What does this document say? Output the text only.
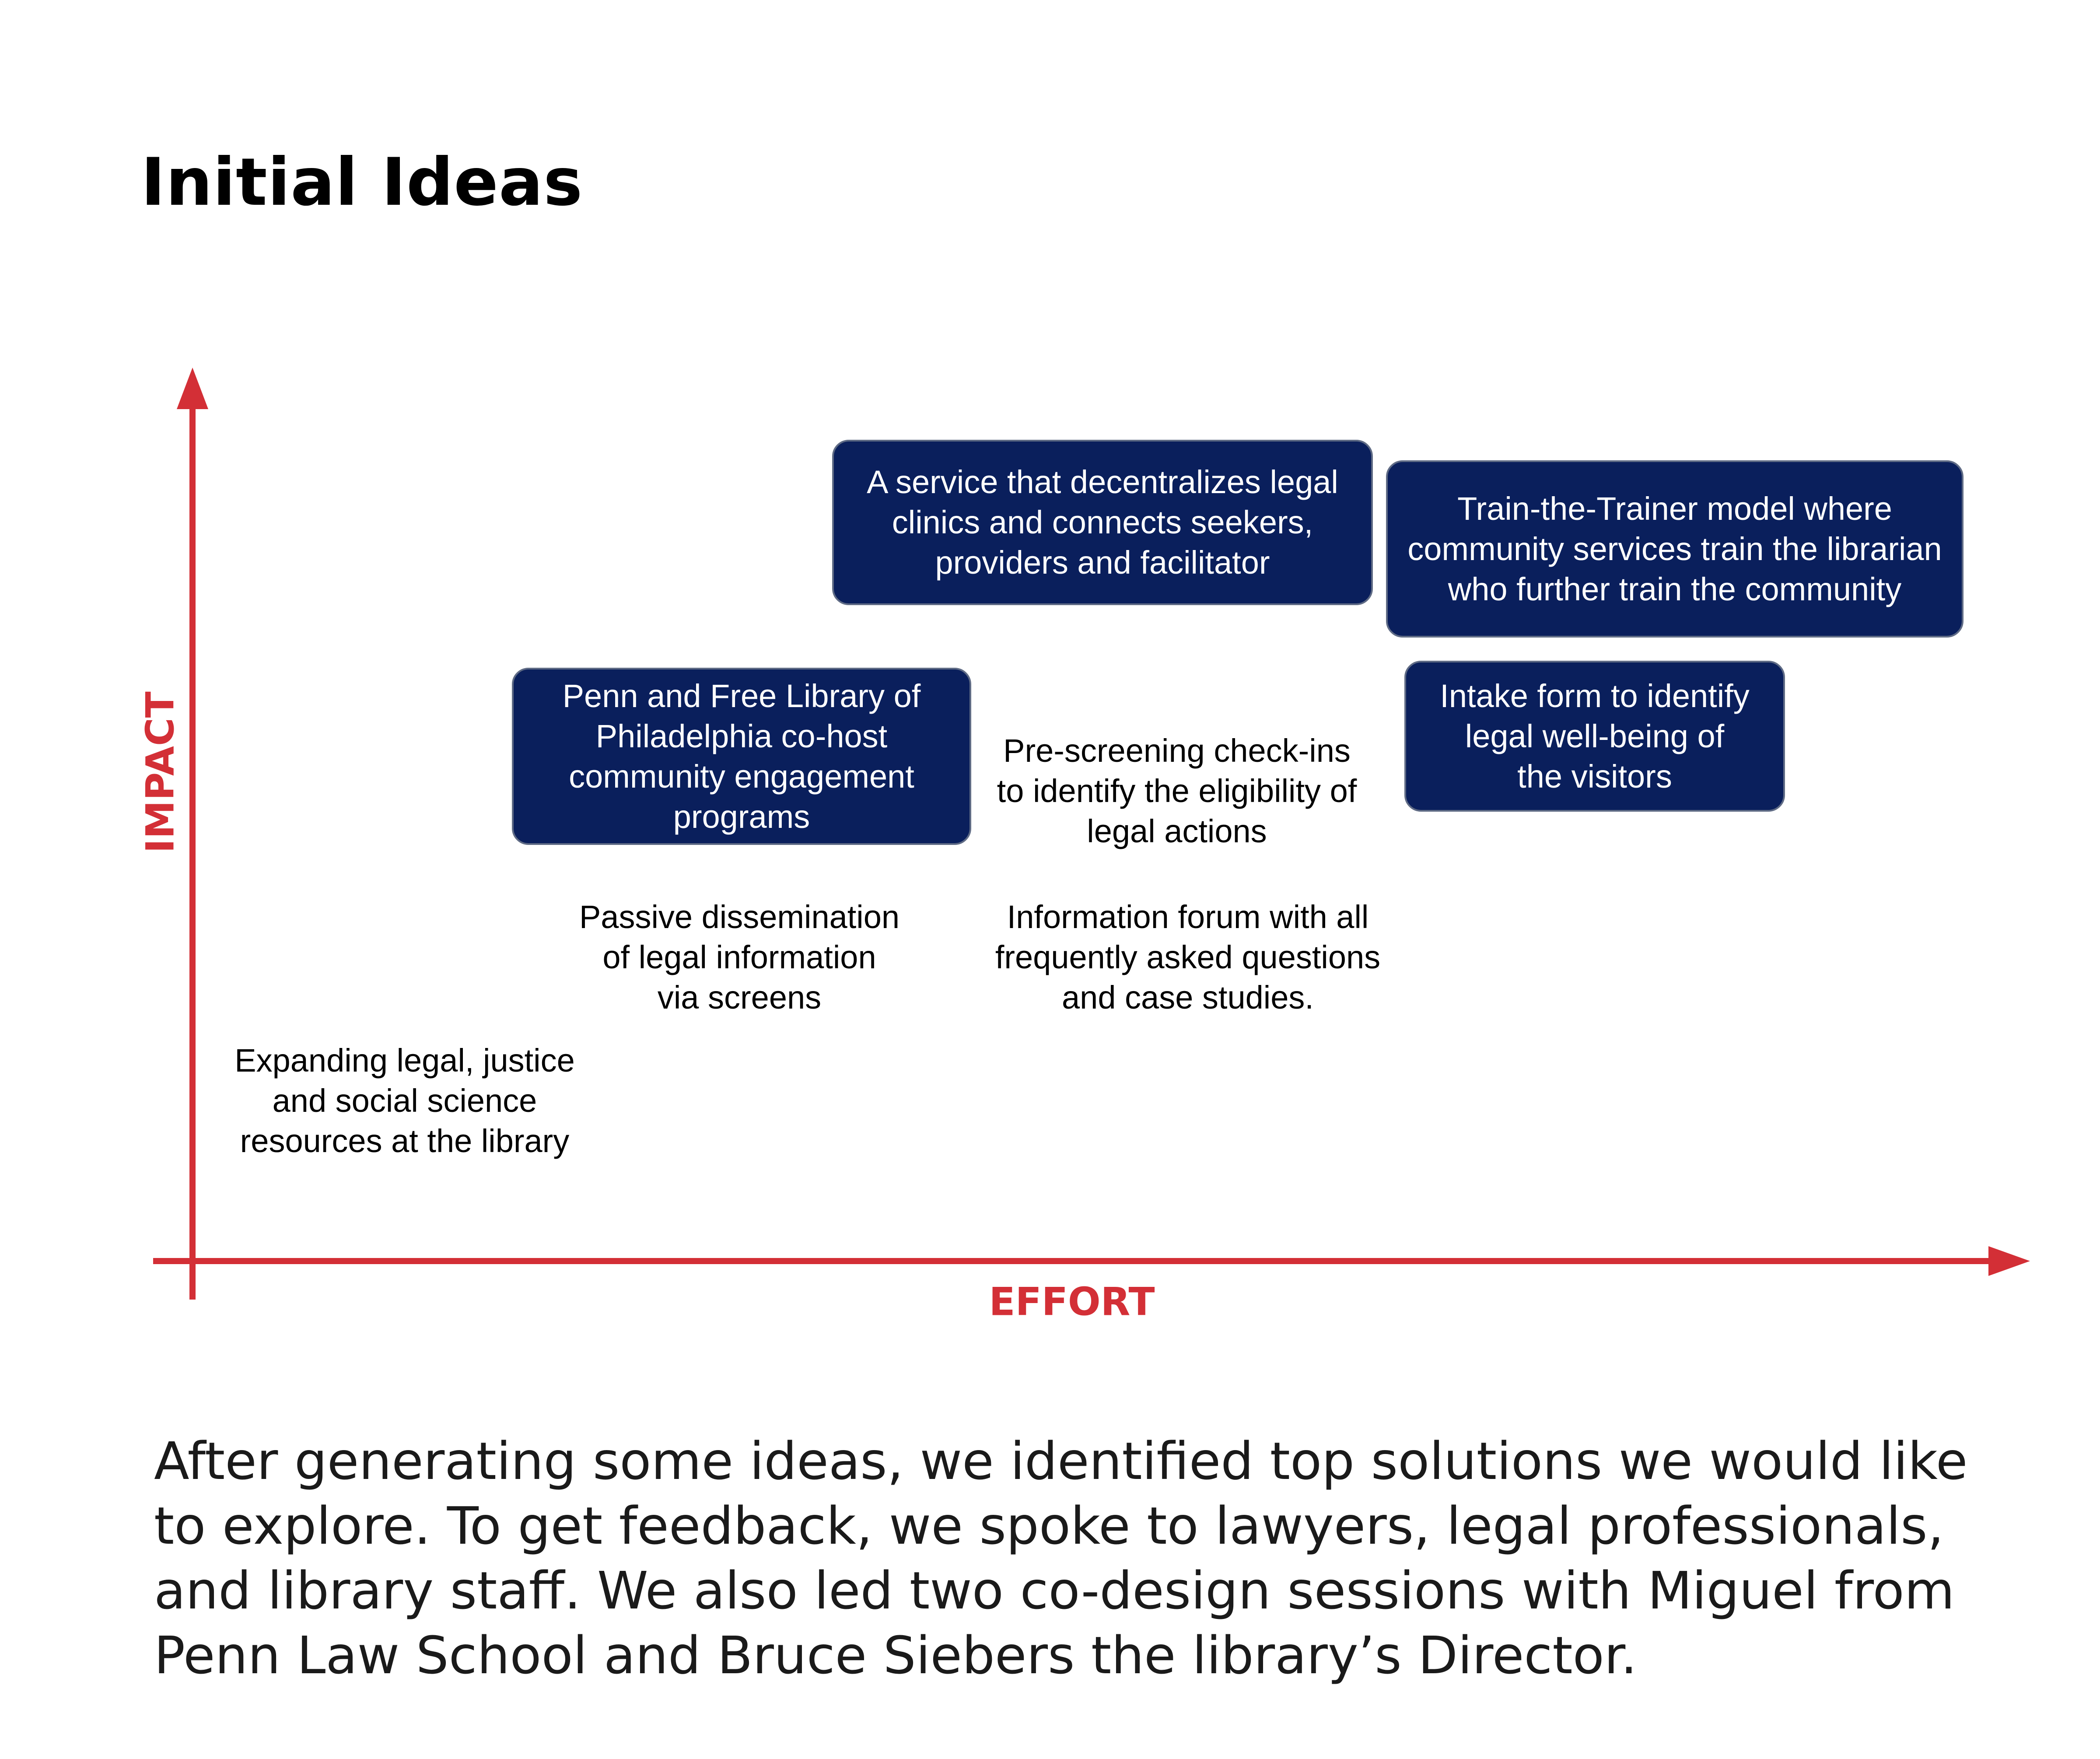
Initial Ideas
IMPACT
EFFORT
A service that decentralizes legal
clinics and connects seekers,
providers and facilitator
Train-the-Trainer model where
community services train the librarian
who further train the community
Penn and Free Library of
Philadelphia co-host
community engagement
programs
Intake form to identify
legal well-being of
the visitors
Pre-screening check-ins
to identify the eligibility of
legal actions
Passive dissemination
of legal information
via screens
Information forum with all
frequently asked questions
and case studies.
Expanding legal, justice
and social science
resources at the library
After generating some ideas, we identified top solutions we would like
to explore. To get feedback, we spoke to lawyers, legal professionals,
and library staff. We also led two co-design sessions with Miguel from
Penn Law School and Bruce Siebers the library’s Director.
